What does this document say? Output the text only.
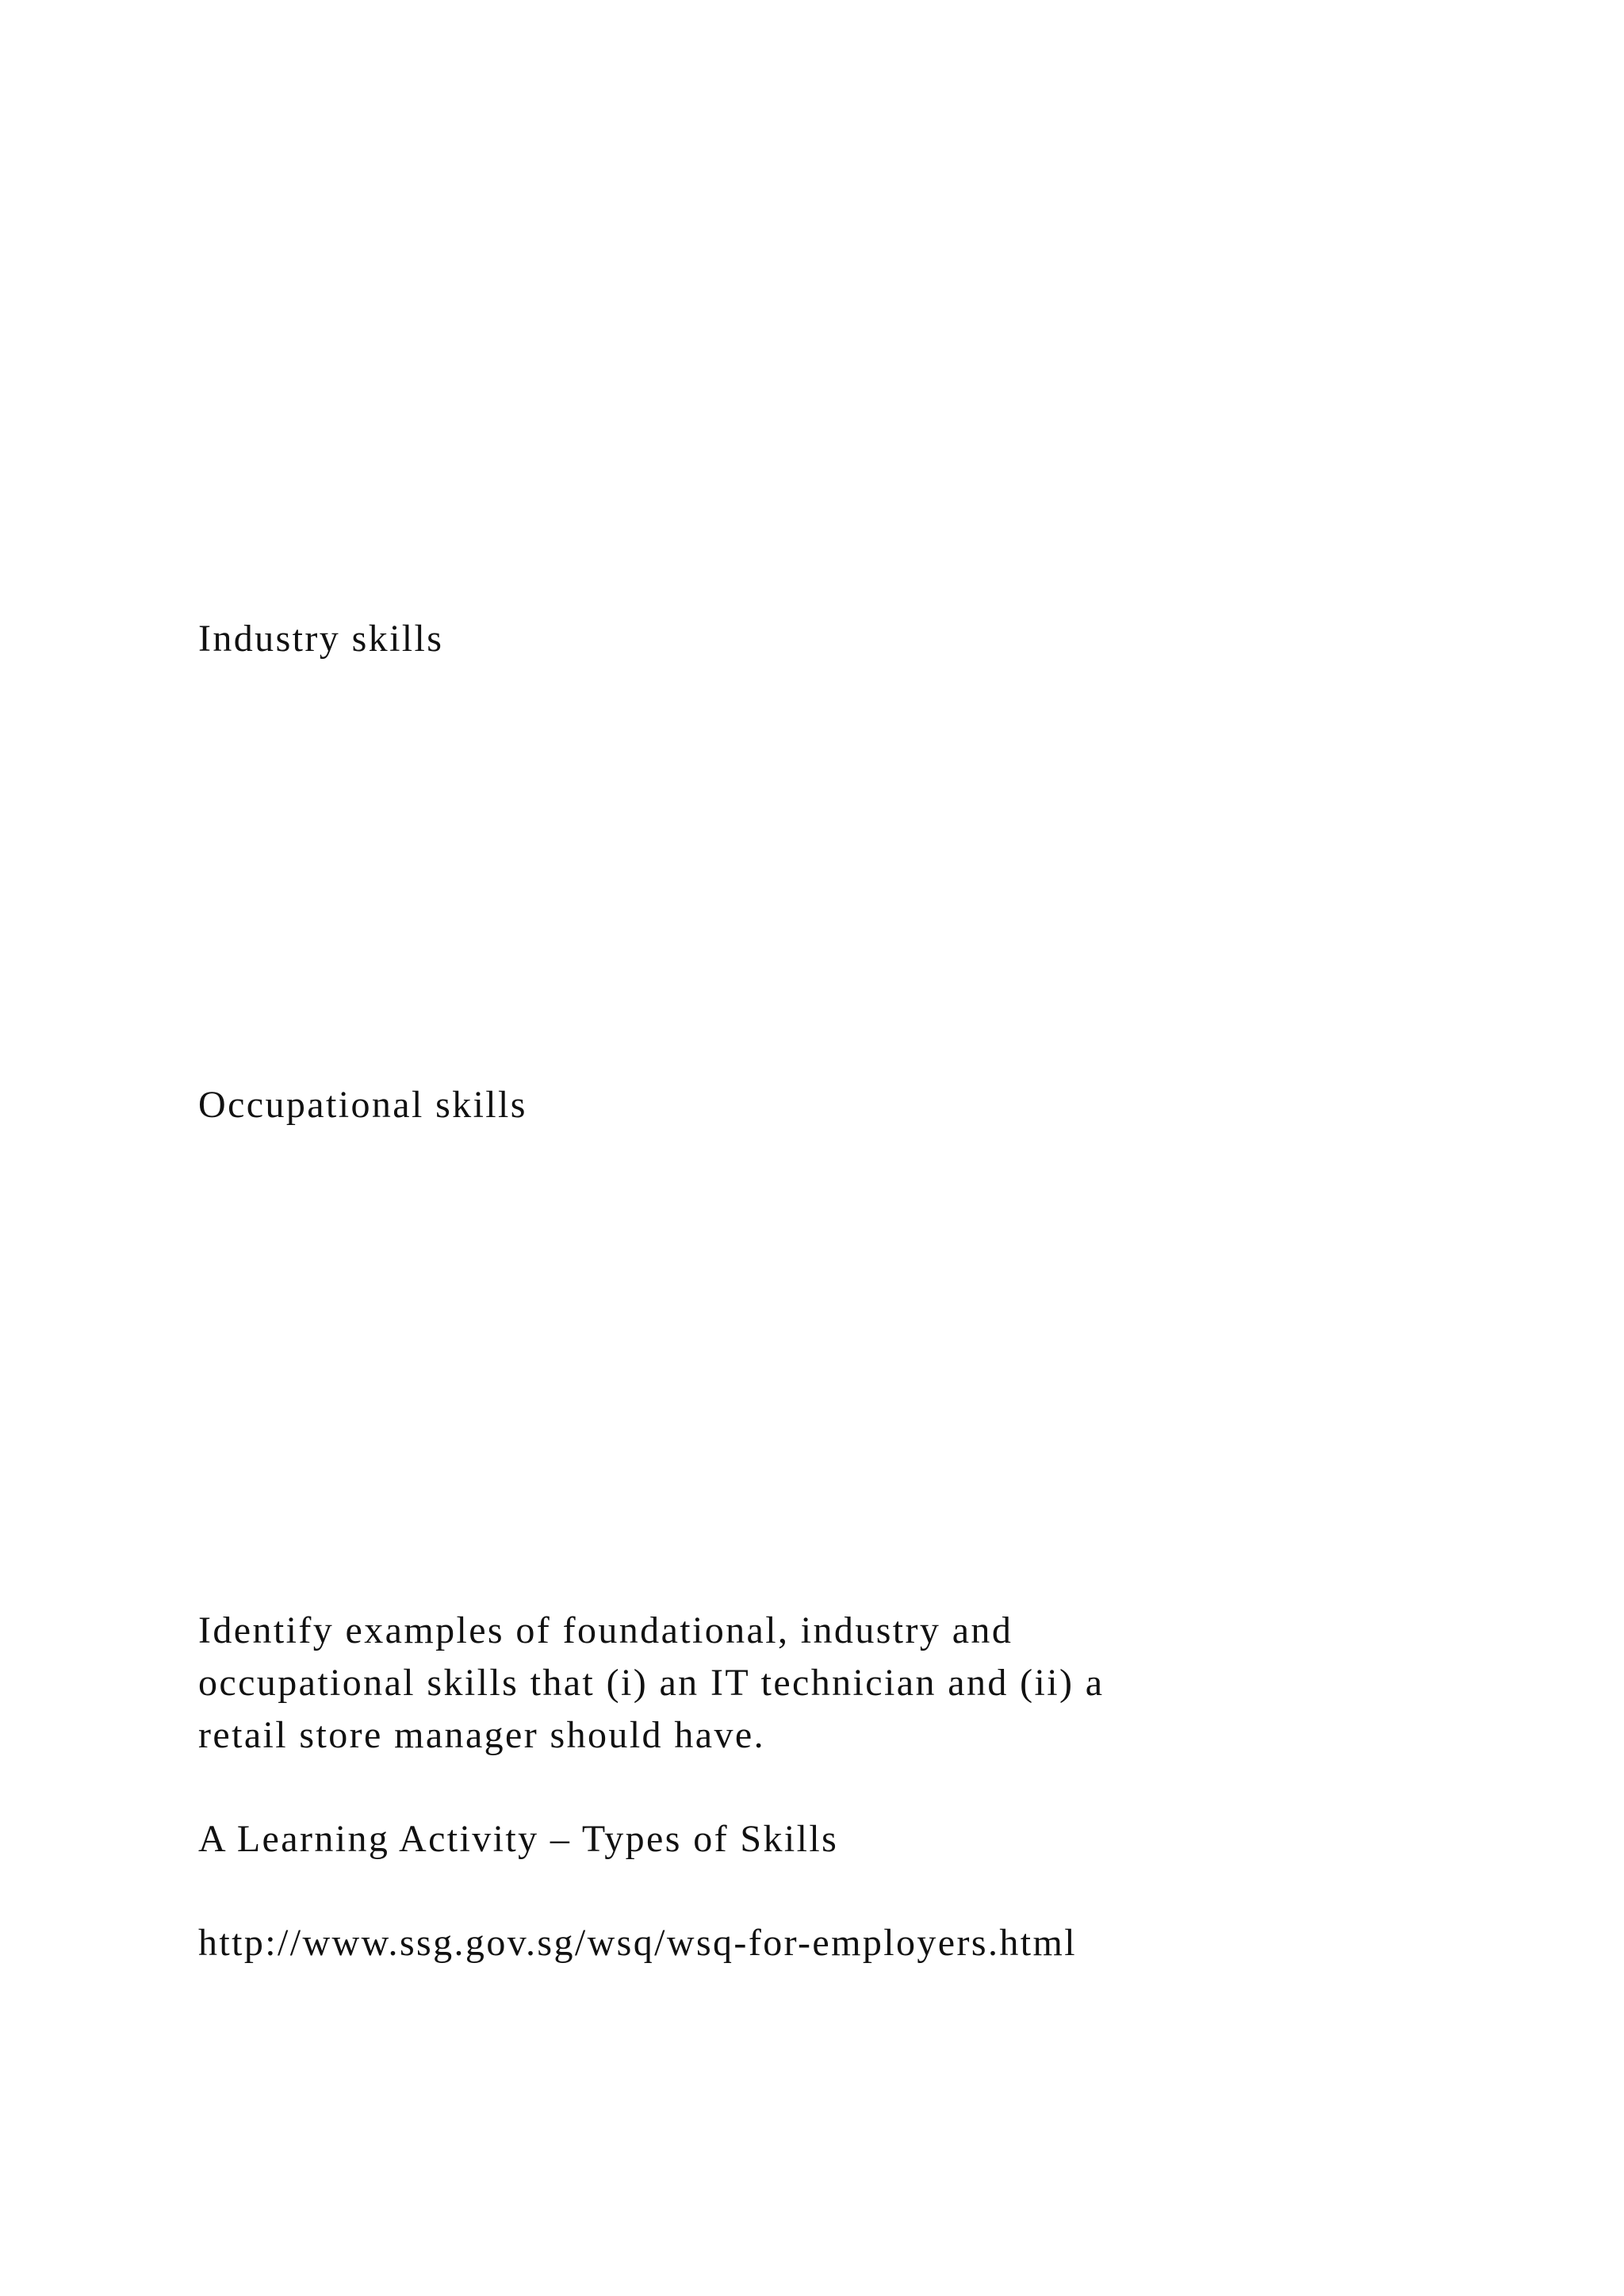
Industry skills

Occupational skills

Identify examples of foundational, industry and

occupational skills that (i) an IT technician and (ii) a

retail store manager should have.

A Learning Activity – Types of Skills

http://www.ssg.gov.sg/wsq/wsq-for-employers.html
